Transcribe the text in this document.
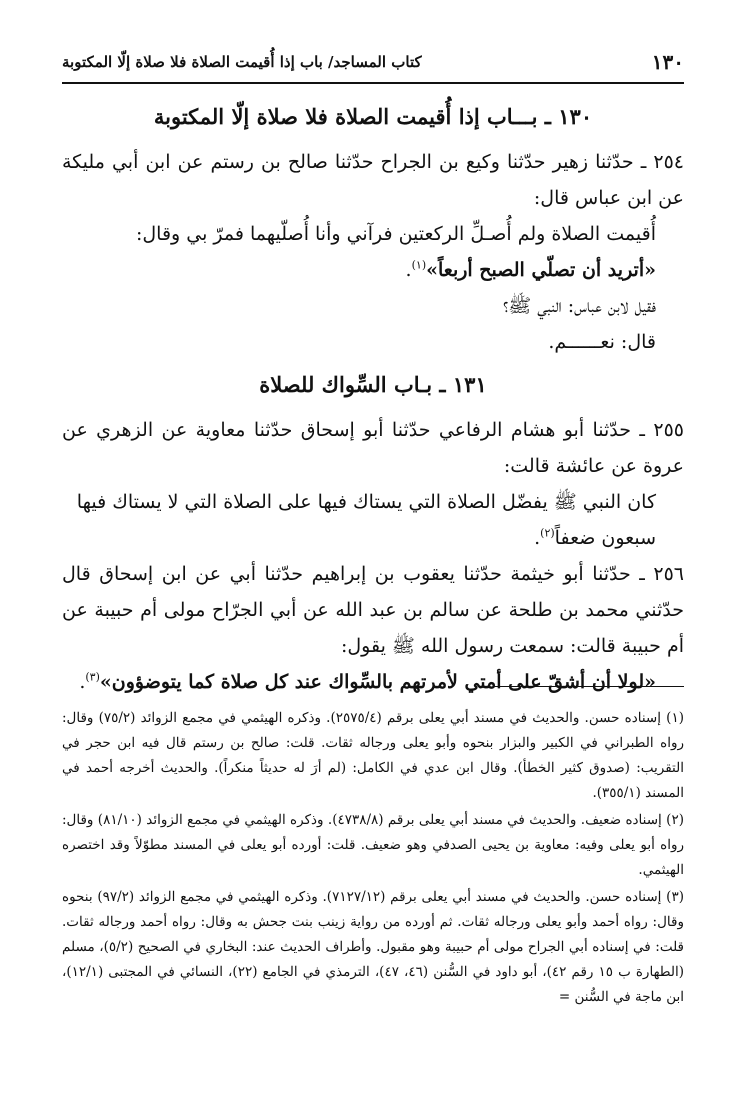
١٣٠
كتاب المساجد/ باب إذا أُقيمت الصلاة فلا صلاة إلّا المكتوبة
١٣٠ ـ بـــاب إذا أُقيمت الصلاة فلا صلاة إلّا المكتوبة

٢٥٤ ـ حدّثنا زهير حدّثنا وكيع بن الجراح حدّثنا صالح بن رستم عن ابن أبي مليكة عن ابن عباس قال:

أُقيمت الصلاة ولم أُصـلِّ الركعتين فرآني وأنا أُصلّيهما فمرّ بي وقال:

«أتريد أن تصلّي الصبح أربعاً»$^{(١)}$.

فقيل لابن عباس: النبي ﷺ؟

قال: نعــــــم.

١٣١ ـ بـاب السِّواك للصلاة

٢٥٥ ـ حدّثنا أبو هشام الرفاعي حدّثنا أبو إسحاق حدّثنا معاوية عن الزهري عن عروة عن عائشة قالت:

كان النبي ﷺ يفضّل الصلاة التي يستاك فيها على الصلاة التي لا يستاك فيها سبعون ضعفاً$^{(٢)}$.

٢٥٦ ـ حدّثنا أبو خيثمة حدّثنا يعقوب بن إبراهيم حدّثنا أبي عن ابن إسحاق قال حدّثني محمد بن طلحة عن سالم بن عبد الله عن أبي الجرّاح مولى أم حبيبة عن أم حبيبة قالت: سمعت رسول الله ﷺ يقول:

«لولا أن أشقّ على أمتي لأمرتهم بالسِّواك عند كل صلاة كما يتوضؤون»$^{(٣)}$.

(١) إسناده حسن. والحديث في مسند أبي يعلى برقم (٢٥٧٥/٤). وذكره الهيثمي في مجمع الزوائد (٧٥/٢) وقال: رواه الطبراني في الكبير والبزار بنحوه وأبو يعلى ورجاله ثقات. قلت: صالح بن رستم قال فيه ابن حجر في التقريب: (صدوق كثير الخطأ). وقال ابن عدي في الكامل: (لم أرَ له حديثاً منكراً). والحديث أخرجه أحمد في المسند (٣٥٥/١).

(٢) إسناده ضعيف. والحديث في مسند أبي يعلى برقم (٤٧٣٨/٨). وذكره الهيثمي في مجمع الزوائد (٨١/١٠) وقال: رواه أبو يعلى وفيه: معاوية بن يحيى الصدفي وهو ضعيف. قلت: أورده أبو يعلى في المسند مطوّلاً وقد اختصره الهيثمي.

(٣) إسناده حسن. والحديث في مسند أبي يعلى برقم (٧١٢٧/١٢). وذكره الهيثمي في مجمع الزوائد (٩٧/٢) بنحوه وقال: رواه أحمد وأبو يعلى ورجاله ثقات. ثم أورده من رواية زينب بنت جحش به وقال: رواه أحمد ورجاله ثقات. قلت: في إسناده أبي الجراح مولى أم حبيبة وهو مقبول. وأطراف الحديث عند: البخاري في الصحيح (٥/٢)، مسلم (الطهارة ب ١٥ رقم ٤٢)، أبو داود في السُّنن (٤٦، ٤٧)، الترمذي في الجامع (٢٢)، النسائي في المجتبى (١٢/١)، ابن ماجة في السُّنن =
